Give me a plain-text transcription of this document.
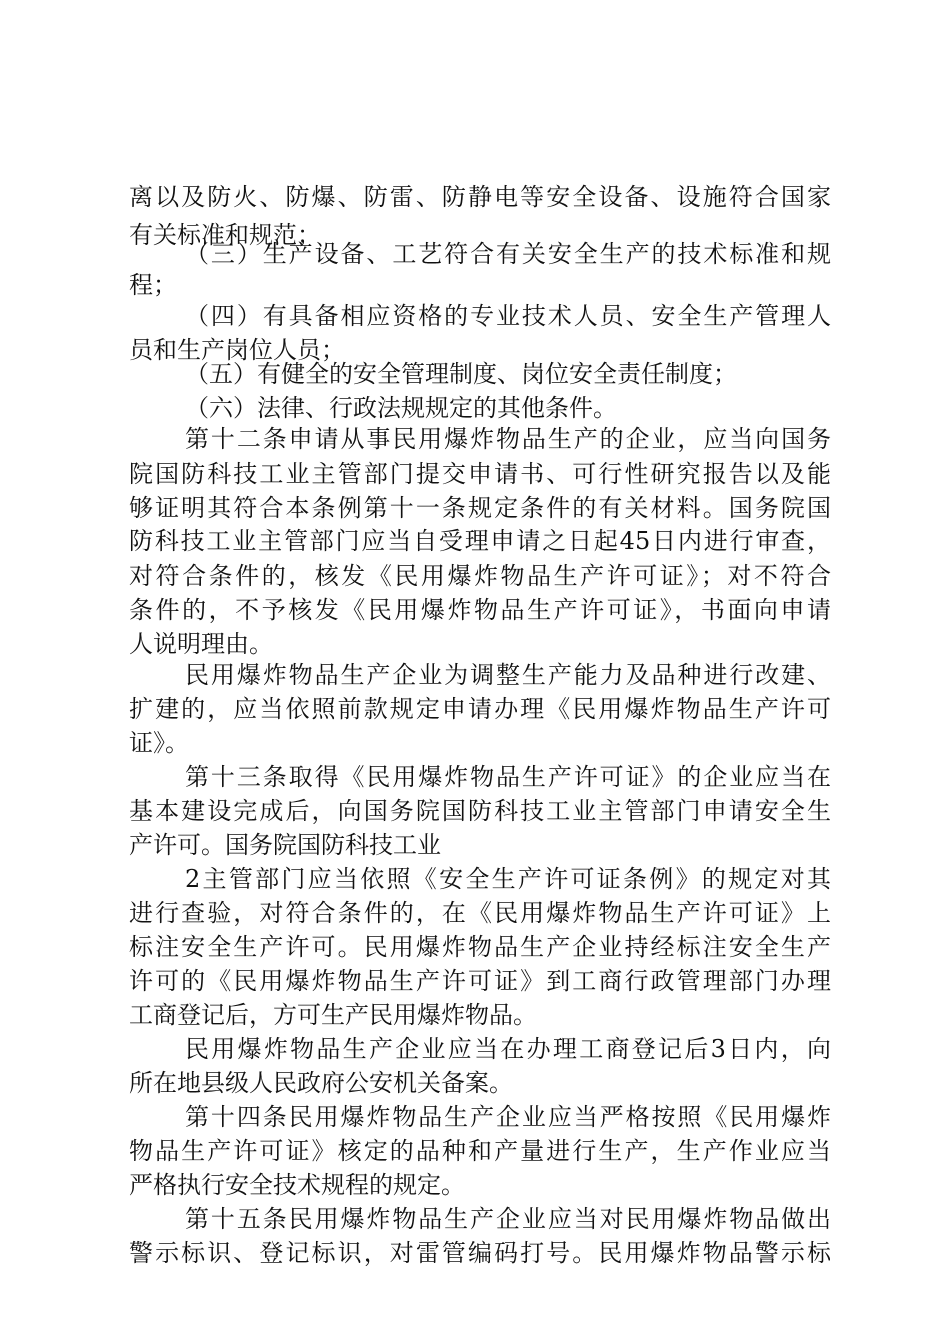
离以及防火、防爆、防雷、防静电等安全设备、设施符合国家
有关标准和规范；
（三）生产设备、工艺符合有关安全生产的技术标准和规
程；
（四）有具备相应资格的专业技术人员、安全生产管理人
员和生产岗位人员；
（五）有健全的安全管理制度、岗位安全责任制度；
（六）法律、行政法规规定的其他条件。
第十二条申请从事民用爆炸物品生产的企业，应当向国务
院国防科技工业主管部门提交申请书、可行性研究报告以及能
够证明其符合本条例第十一条规定条件的有关材料。国务院国
防科技工业主管部门应当自受理申请之日起45日内进行审查，
对符合条件的，核发《民用爆炸物品生产许可证》；对不符合
条件的，不予核发《民用爆炸物品生产许可证》，书面向申请
人说明理由。
民用爆炸物品生产企业为调整生产能力及品种进行改建、
扩建的，应当依照前款规定申请办理《民用爆炸物品生产许可
证》。
第十三条取得《民用爆炸物品生产许可证》的企业应当在
基本建设完成后，向国务院国防科技工业主管部门申请安全生
产许可。国务院国防科技工业
2主管部门应当依照《安全生产许可证条例》的规定对其
进行查验，对符合条件的，在《民用爆炸物品生产许可证》上
标注安全生产许可。民用爆炸物品生产企业持经标注安全生产
许可的《民用爆炸物品生产许可证》到工商行政管理部门办理
工商登记后，方可生产民用爆炸物品。
民用爆炸物品生产企业应当在办理工商登记后3日内，向
所在地县级人民政府公安机关备案。
第十四条民用爆炸物品生产企业应当严格按照《民用爆炸
物品生产许可证》核定的品种和产量进行生产，生产作业应当
严格执行安全技术规程的规定。
第十五条民用爆炸物品生产企业应当对民用爆炸物品做出
警示标识、登记标识，对雷管编码打号。民用爆炸物品警示标
